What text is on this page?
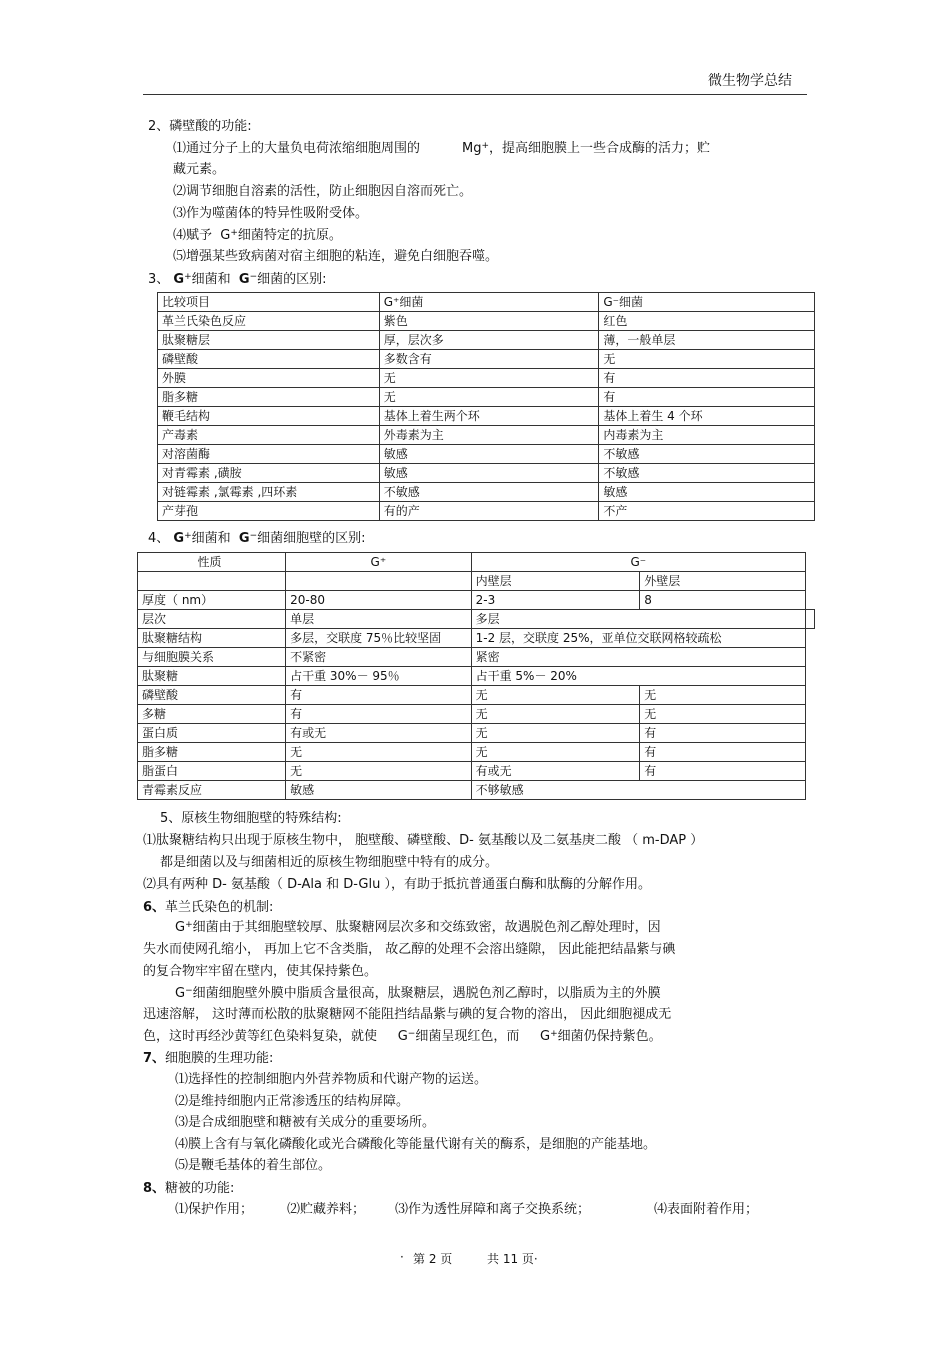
微生物学总结
2、磷壁酸的功能:
⑴通过分子上的大量负电荷浓缩细胞周围的	Mg+，提高细胞膜上一些合成酶的活力；贮
藏元素。
⑵调节细胞自溶素的活性，防止细胞因自溶而死亡。
⑶作为噬菌体的特异性吸附受体。
⑷赋予 G+细菌特定的抗原。
⑸增强某些致病菌对宿主细胞的粘连，避免白细胞吞噬。
3、 G+细菌和 G−细菌的区别:
比较项目	G⁺细菌	G⁻细菌
革兰氏染色反应	紫色	红色
肽聚糖层	厚，层次多	薄，一般单层
磷壁酸	多数含有	无
外膜	无	有
脂多糖	无	有
鞭毛结构	基体上着生两个环	基体上着生 4 个环
产毒素	外毒素为主	内毒素为主
对溶菌酶	敏感	不敏感
对青霉素 ,磺胺	敏感	不敏感
对链霉素 ,氯霉素 ,四环素	不敏感	敏感
产芽孢	有的产	不产
4、 G+细菌和 G−细菌细胞壁的区别:
性质	G⁺	G⁻		
		内壁层	外壁层	
厚度（ nm）	20-80	2-3	8	
层次	单层	多层		
肽聚糖结构	多层，交联度 75％比较坚固	1-2 层，交联度 25%，亚单位交联网格较疏松		
与细胞膜关系	不紧密	紧密		
肽聚糖	占干重 30%－ 95％	占干重 5%－ 20%		
磷壁酸	有	无	无	
多糖	有	无	无	
蛋白质	有或无	无	有	
脂多糖	无	无	有	
脂蛋白	无	有或无	有	
青霉素反应	敏感	不够敏感		
5、原核生物细胞壁的特殊结构:
⑴肽聚糖结构只出现于原核生物中， 胞壁酸、磷壁酸、D- 氨基酸以及二氨基庚二酸 （ m-DAP ）
都是细菌以及与细菌相近的原核生物细胞壁中特有的成分。
⑵具有两种 D- 氨基酸（ D-Ala 和 D-Glu ），有助于抵抗普通蛋白酶和肽酶的分解作用。
6、革兰氏染色的机制:
G+细菌由于其细胞壁较厚、肽聚糖网层次多和交练致密，故遇脱色剂乙醇处理时，因
失水而使网孔缩小， 再加上它不含类脂， 故乙醇的处理不会溶出缝隙， 因此能把结晶紫与碘
的复合物牢牢留在壁内，使其保持紫色。
G−细菌细胞壁外膜中脂质含量很高，肽聚糖层，遇脱色剂乙醇时，以脂质为主的外膜
迅速溶解， 这时薄而松散的肽聚糖网不能阻挡结晶紫与碘的复合物的溶出， 因此细胞褪成无
色，这时再经沙黄等红色染料复染，就使 G−细菌呈现红色，而 G+细菌仍保持紫色。
7、细胞膜的生理功能:
⑴选择性的控制细胞内外营养物质和代谢产物的运送。
⑵是维持细胞内正常渗透压的结构屏障。
⑶是合成细胞壁和糖被有关成分的重要场所。
⑷膜上含有与氧化磷酸化或光合磷酸化等能量代谢有关的酶系，是细胞的产能基地。
⑸是鞭毛基体的着生部位。
8、糖被的功能:
⑴保护作用；	⑵贮藏养料； ⑶作为透性屏障和离子交换系统；	⑷表面附着作用；
· 第 2 页	共 11 页·
